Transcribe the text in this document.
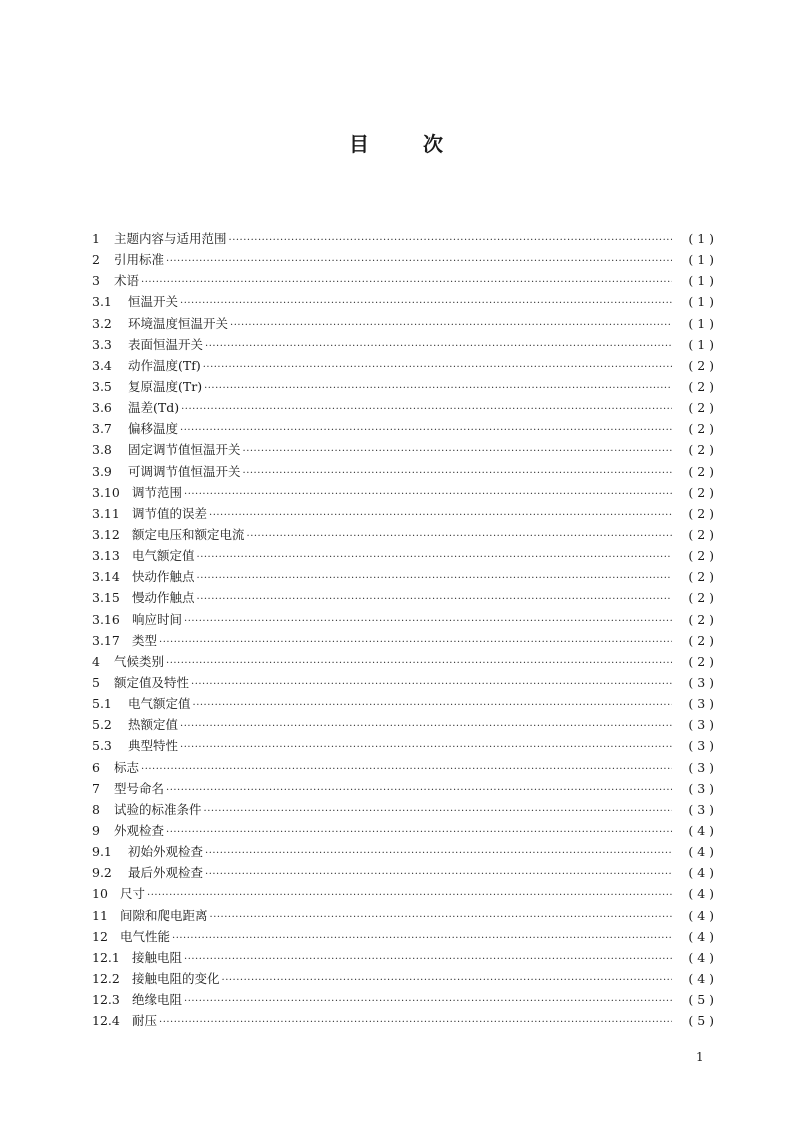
目	次
1	主题内容与适用范围 ·····	( 1 )
2	引用标准 ·····	( 1 )
3	术语 ·····	( 1 )
3.1	恒温开关 ·····	( 1 )
3.2	环境温度恒温开关 ·····	( 1 )
3.3	表面恒温开关 ·····	( 1 )
3.4	动作温度(Tf) ·····	( 2 )
3.5	复原温度(Tr) ·····	( 2 )
3.6	温差(Td) ·····	( 2 )
3.7	偏移温度 ·····	( 2 )
3.8	固定调节值恒温开关 ·····	( 2 )
3.9	可调调节值恒温开关 ·····	( 2 )
3.10 调节范围 ·····	( 2 )
3.11 调节值的误差 ·····	( 2 )
3.12 额定电压和额定电流 ·····	( 2 )
3.13 电气额定值 ·····	( 2 )
3.14 快动作触点 ·····	( 2 )
3.15 慢动作触点 ·····	( 2 )
3.16 响应时间 ·····	( 2 )
3.17 类型 ·····	( 2 )
4	气候类别 ·····	( 2 )
5	额定值及特性 ·····	( 3 )
5.1	电气额定值 ·····	( 3 )
5.2	热额定值 ·····	( 3 )
5.3	典型特性 ·····	( 3 )
6	标志 ·····	( 3 )
7	型号命名 ·····	( 3 )
8	试验的标准条件 ·····	( 3 )
9	外观检查 ·····	( 4 )
9.1	初始外观检查 ·····	( 4 )
9.2	最后外观检查 ·····	( 4 )
10 尺寸 ·····	( 4 )
11 间隙和爬电距离 ·····	( 4 )
12 电气性能 ·····	( 4 )
12.1 接触电阻 ·····	( 4 )
12.2 接触电阻的变化 ·····	( 4 )
12.3 绝缘电阻 ·····	( 5 )
12.4 耐压 ·····	( 5 )
1
